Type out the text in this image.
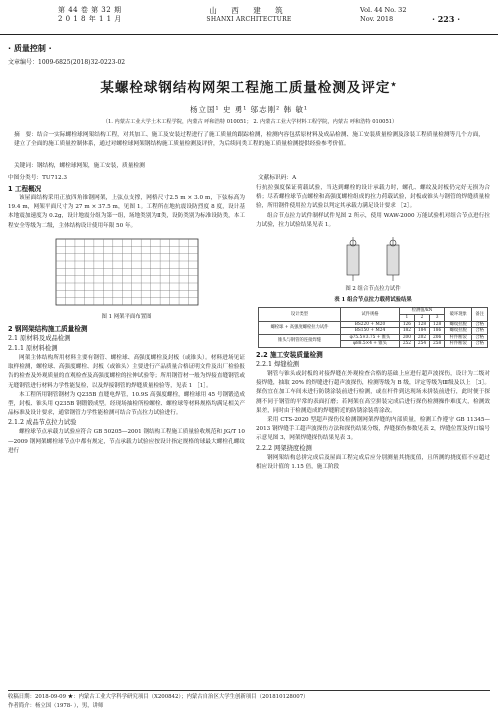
第 44 卷 第 32 期
2 0 1 8 年 1 1 月
山 西 建 筑
SHANXI ARCHITECTURE
Vol. 44 No. 32
Nov. 2018	· 223 ·
· 质量控制 ·
文章编号：1009-6825(2018)32-0223-02
某螺栓球钢结构网架工程施工质量检测及评定★
杨立国¹ 史 勇¹ 邬志刚² 韩 敏¹
（1. 内蒙古工业大学土木工程学院，内蒙古 呼和浩特 010051； 2. 内蒙古工业大学材料工程学院，内蒙古 呼和浩特 010051）
摘　要：结合一实际螺栓球网架结构工程，对其加工、施工及安装过程进行了施工质量的跟踪检测，检测内容包括原材料及成品检测、施工安装质量检测及涂装工程质量检测等几个方面，建立了全面的施工质量控制体系，通过对螺栓球网架钢结构施工质量检测及评价，为后续同类工程的施工质量检测提供经验参考价值。
关键词：钢结构，螺栓球网架，施工安装，质量检测
中图分类号：TU712.3	文献标识码：A
1 工程概况

该屋面结构采用正放四角锥钢网架，上弦点支撑，网格尺寸2.5 m × 3.0 m，下弦标高为 19.4 m，网架平面尺寸为 27 m × 37.5 m，见图 1。工程所在地抗震设防烈度 8 度，设计基本地震加速度为 0.2g，设计地震分组为第一组，场地类别为Ⅱ类，设防类别为标准设防类，本工程安全等级为二级，主体结构设计使用年限 50 年。

图 1 网架平面布置图
2 钢网架结构施工质量检测
2.1 原材料及成品检测
2.1.1 原材料检测

网架主体结构所用材料主要有钢管、螺栓球、高强度螺栓及封板（或锥头）。材料进场见证取样检测，螺栓球、高强度螺栓、封板（或锥头）主要进行产品质量合格证明文件及出厂检验报告的检查及外观质量的直观检查及高强度螺栓的拉伸试验等；所用钢管材一般为焊接直缝钢管或无缝钢管进行材料力学性能复检，以及焊接钢管的焊缝质量检验等，见表 1 ［1］。

本工程所用钢管钢材为 Q235B 直缝电焊管，10.9S 高强度螺栓，螺栓球用 45 号钢锻造成型，封板、锥头用 Q235B 钢锻锻成型。经现场抽检所检螺栓、螺栓球等材料规格均满足相关产品标准及设计要求，通常钢管力学性能检测可结合节点拉力试验进行。

2.1.2 成品节点拉力试验

螺栓球节点承载力试验应符合 GB 50205—2001 钢结构工程施工质量验收规范和 JG/T 10—2009 钢网架螺栓球节点中都有规定，节点承载力试验应按设计指定规格的球最大螺栓孔螺纹进行

行抗拉强度保证荷载试验，当达到螺栓的设计承载力时，螺孔、螺纹及封板仍完好无损为合格；尽若螺栓球节点螺栓和高强度螺栓组成的拉力荷载试验，封板或锥头与钢管的焊缝质量检验，所用钢件使用拉力试验以判定其承载力满足设计要求 ［2］。

组合节点拉力试件制样试件见图 2 所示，使用 WAW-2000 万能试验机对组合节点进行拉力试验，拉力试验结果见表 1。

图 2 组合节点拉力试件
表 1 组合节点拉力载荷试验结果
设计类型	试件规格	检测值/kN			破坏现象	备注
		1	2	3		
螺栓球 + 高强度螺栓拉力试件	BS220 + M20	126	128	128	螺纹拉脱	合格
	BS150 + M24	182	184	186	螺纹拉脱	合格
锥头与钢管的连接焊缝	φ75.5×3.75 + 锥头	200	202	206	杆件断裂	合格
	φ88.5×4 + 锥头	252	254	258	杆件断裂	合格
2.2 施工安装质量检测
2.2.1 焊缝检测

钢管与锥头或封板的对接焊缝在外观检查合格的基础上应进行超声波探伤，设计为二级对接焊缝，抽取 20% 的焊缝进行超声波探伤，检测等级为 B 级，评定等级为Ⅲ级及以上 ［3］。探伤宜在加工车间未进行防锈涂装前进行检测，或在杆件到达现场未拼装前进行，此时便于探测不同于钢管的平常的表面打磨；若网架在高空拼装完成后进行探伤检测操作难度大，检测效果差，同时由于检测造成的焊缝附近的防锈涂装将涂改。

采用 CTS-2020 型超声探伤仪检测钢网架焊缝的内部质量，检测工作遵守 GB 11345—2013 钢焊缝手工超声波探伤方法和探伤结果分级，焊缝探伤参数见表 2，焊缝位置及焊口编号示意见图 3，网架焊缝探伤结果见表 3。

2.2.2 网架挠度检测

钢网架结构总拼完成后及屋面工程完成后应分别测量其挠度值，且所测的挠度值不应超过相应设计值的 1.15 倍，施工阶段

收稿日期：2018-09-09 ★：内蒙古工业大学科学研究项目（X200842）；内蒙古自治区大学生创新项目（201810128007）
作者简介：杨立国（1978- ），男，讲师
